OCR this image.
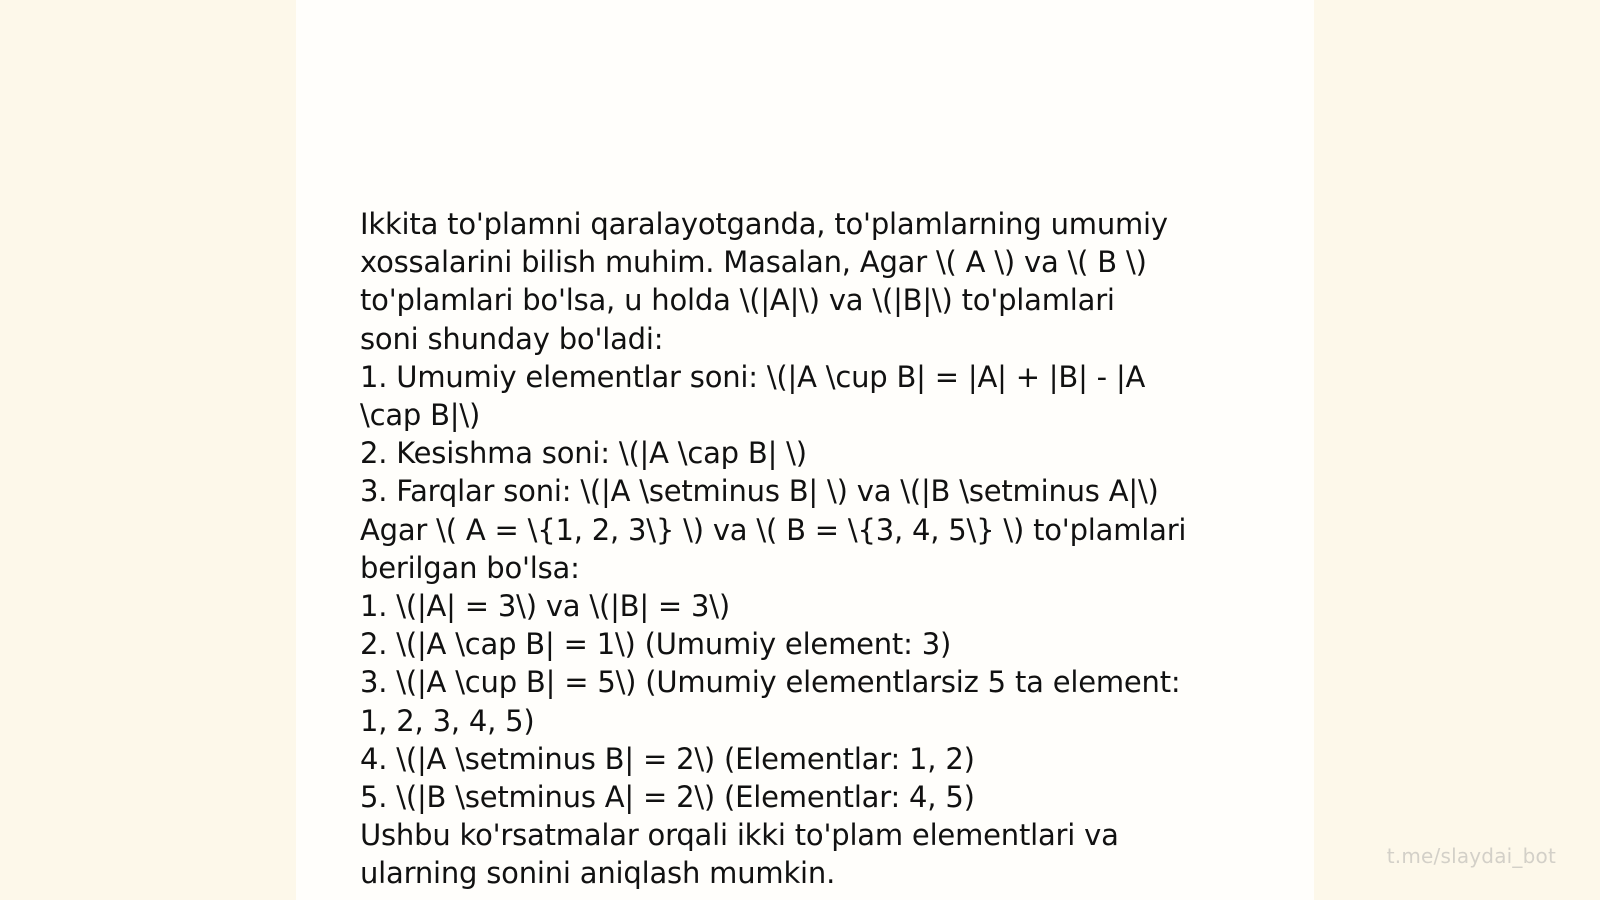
Ikkita to'plamni qaralayotganda, to'plamlarning umumiy
xossalarini bilish muhim. Masalan, Agar \( A \) va \( B \)
to'plamlari bo'lsa, u holda \(|A|\) va \(|B|\) to'plamlari
soni shunday bo'ladi:
1. Umumiy elementlar soni: \(|A \cup B| = |A| + |B| - |A
\cap B|\)
2. Kesishma soni: \(|A \cap B| \)
3. Farqlar soni: \(|A \setminus B| \) va \(|B \setminus A|\)
Agar \( A = \{1, 2, 3\} \) va \( B = \{3, 4, 5\} \) to'plamlari
berilgan bo'lsa:
1. \(|A| = 3\) va \(|B| = 3\)
2. \(|A \cap B| = 1\) (Umumiy element: 3)
3. \(|A \cup B| = 5\) (Umumiy elementlarsiz 5 ta element:
1, 2, 3, 4, 5)
4. \(|A \setminus B| = 2\) (Elementlar: 1, 2)
5. \(|B \setminus A| = 2\) (Elementlar: 4, 5)
Ushbu ko'rsatmalar orqali ikki to'plam elementlari va
ularning sonini aniqlash mumkin.
t.me/slaydai_bot
